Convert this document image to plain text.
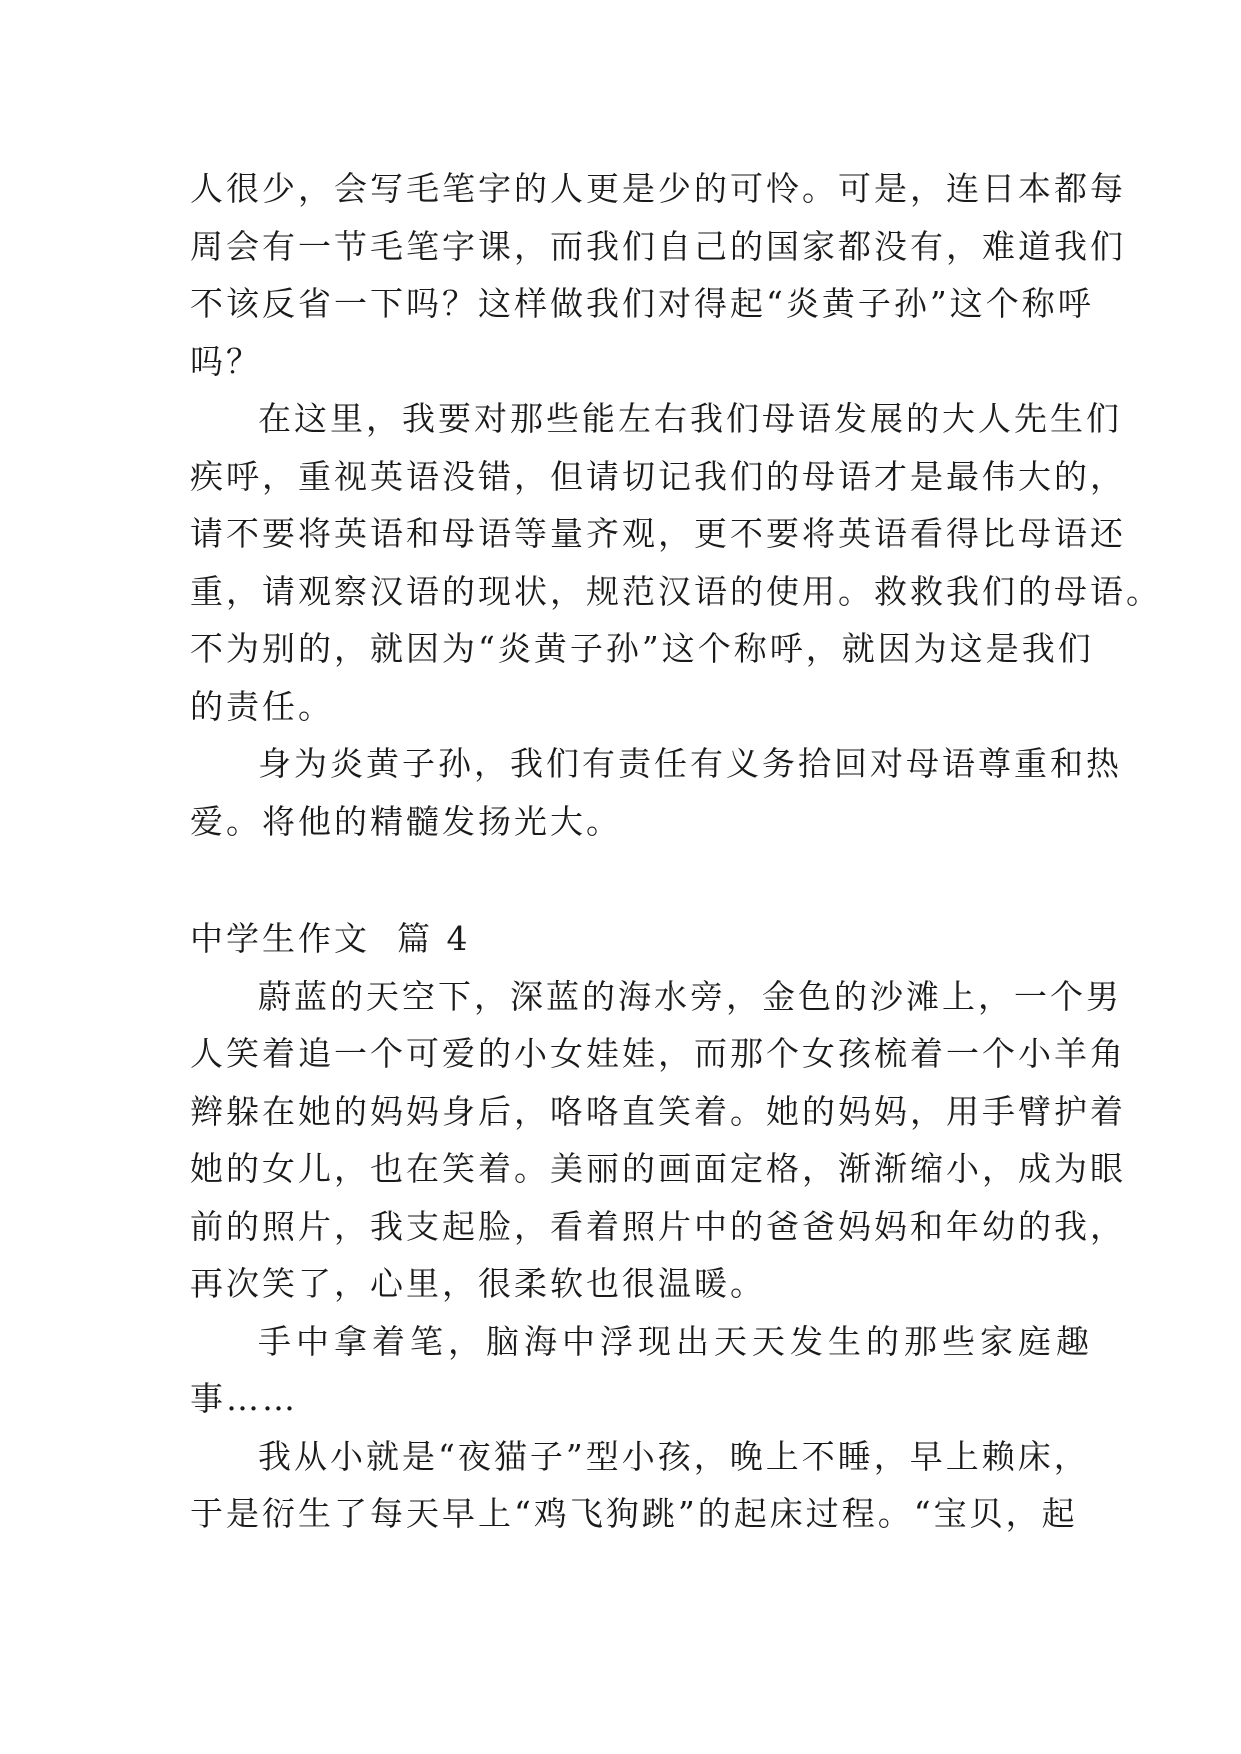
人很少，会写毛笔字的人更是少的可怜。可是，连日本都每
周会有一节毛笔字课，而我们自己的国家都没有，难道我们
不该反省一下吗？这样做我们对得起“炎黄子孙”这个称呼
吗？
在这里，我要对那些能左右我们母语发展的大人先生们
疾呼，重视英语没错，但请切记我们的母语才是最伟大的，
请不要将英语和母语等量齐观，更不要将英语看得比母语还
重，请观察汉语的现状，规范汉语的使用。救救我们的母语。
不为别的，就因为“炎黄子孙”这个称呼，就因为这是我们
的责任。
身为炎黄子孙，我们有责任有义务拾回对母语尊重和热
爱。将他的精髓发扬光大。
中学生作文  篇 4
蔚蓝的天空下，深蓝的海水旁，金色的沙滩上，一个男
人笑着追一个可爱的小女娃娃，而那个女孩梳着一个小羊角
辫躲在她的妈妈身后，咯咯直笑着。她的妈妈，用手臂护着
她的女儿，也在笑着。美丽的画面定格，渐渐缩小，成为眼
前的照片，我支起脸，看着照片中的爸爸妈妈和年幼的我，
再次笑了，心里，很柔软也很温暖。
手中拿着笔，脑海中浮现出天天发生的那些家庭趣
事……
我从小就是“夜猫子”型小孩，晚上不睡，早上赖床，
于是衍生了每天早上“鸡飞狗跳”的起床过程。“宝贝，起
